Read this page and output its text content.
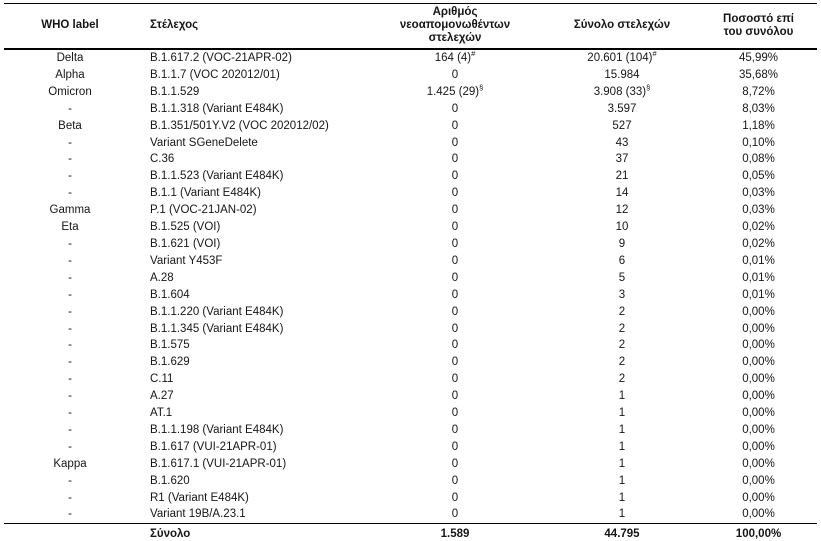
WHO label	Στέλεχος	Αριθμός νεοαπομονωθέντων στελεχών	Σύνολο στελεχών	Ποσοστό επί του συνόλου
Delta	B.1.617.2 (VOC-21APR-02)	164 (4)#	20.601 (104)#	45,99%
Alpha	B.1.1.7 (VOC 202012/01)	0	15.984	35,68%
Omicron	B.1.1.529	1.425 (29)§	3.908 (33)§	8,72%
-	B.1.1.318 (Variant E484K)	0	3.597	8,03%
Beta	B.1.351/501Y.V2 (VOC 202012/02)	0	527	1,18%
-	Variant SGeneDelete	0	43	0,10%
-	C.36	0	37	0,08%
-	B.1.1.523 (Variant E484K)	0	21	0,05%
-	B.1.1 (Variant E484K)	0	14	0,03%
Gamma	P.1 (VOC-21JAN-02)	0	12	0,03%
Eta	B.1.525 (VOI)	0	10	0,02%
-	B.1.621 (VOI)	0	9	0,02%
-	Variant Y453F	0	6	0,01%
-	A.28	0	5	0,01%
-	B.1.604	0	3	0,01%
-	B.1.1.220 (Variant E484K)	0	2	0,00%
-	B.1.1.345 (Variant E484K)	0	2	0,00%
-	B.1.575	0	2	0,00%
-	B.1.629	0	2	0,00%
-	C.11	0	2	0,00%
-	A.27	0	1	0,00%
-	AT.1	0	1	0,00%
-	B.1.1.198 (Variant E484K)	0	1	0,00%
-	B.1.617 (VUI-21APR-01)	0	1	0,00%
Kappa	B.1.617.1 (VUI-21APR-01)	0	1	0,00%
-	B.1.620	0	1	0,00%
-	R1 (Variant E484K)	0	1	0,00%
-	Variant 19B/A.23.1	0	1	0,00%
	Σύνολο	1.589	44.795	100,00%
